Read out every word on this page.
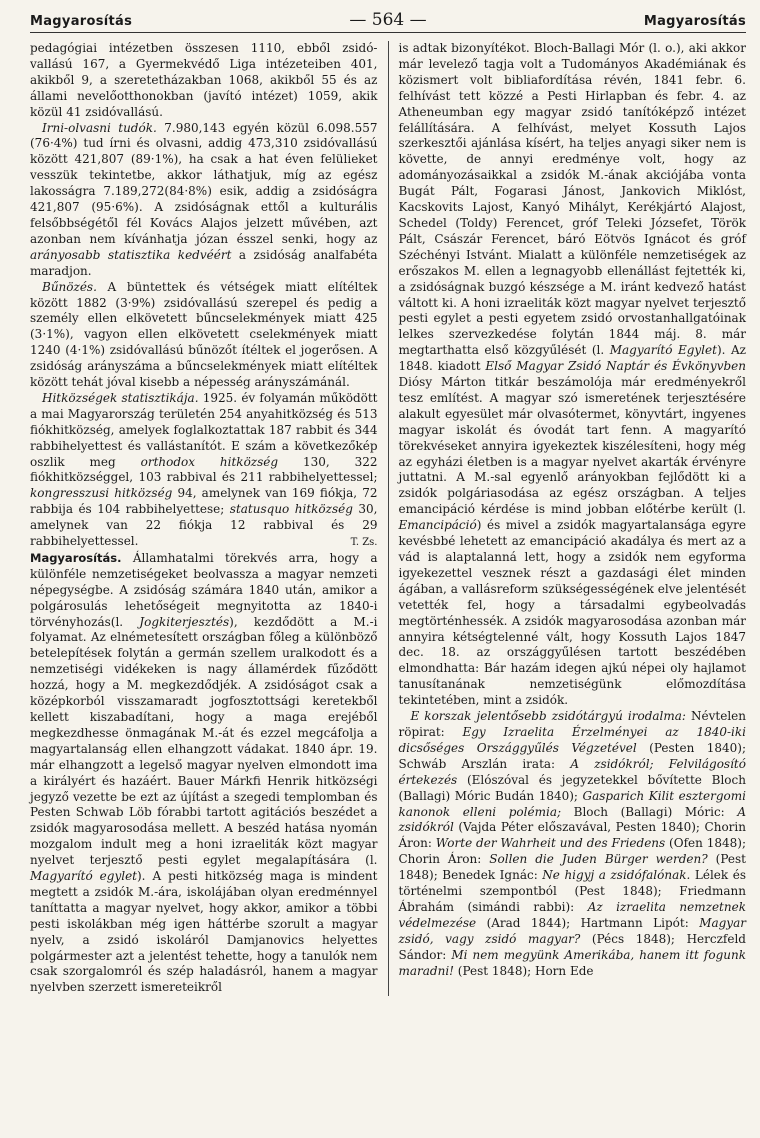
Magyarosítás	— 564 —	Magyarosítás

pedagógiai intézetben összesen 1110, ebből zsidó-vallású 167, a Gyermekvédő Liga intézeteiben 401, akikből 9, a szeretetházakban 1068, akikből 55 és az állami nevelőotthonokban (javító intézet) 1059, akik közül 41 zsidóvallású.

Irni-olvasni tudók. 7.980,143 egyén közül 6.098.557 (76·4%) tud írni és olvasni, addig 473,310 zsidóvallású között 421,807 (89·1%), ha csak a hat éven felülieket vesszük tekintetbe, akkor láthatjuk, míg az egész lakosságra 7.189,272(84·8%) esik, addig a zsidóságra 421,807 (95·6%). A zsidóságnak ettől a kulturális felsőbbségétől fél Kovács Alajos jelzett művében, azt azonban nem kívánhatja józan ésszel senki, hogy az arányosabb statisztika kedvéért a zsidóság analfabéta maradjon.

Bűnözés. A büntettek és vétségek miatt elítéltek között 1882 (3·9%) zsidóvallású szerepel és pedig a személy ellen elkövetett bűncselekmények miatt 425 (3·1%), vagyon ellen elkövetett cselekmények miatt 1240 (4·1%) zsidóvallású bűnözőt ítéltek el jogerősen. A zsidóság arányszáma a bűncselekmények miatt elítéltek között tehát jóval kisebb a népesség arányszámánál.

Hitközségek statisztikája. 1925. év folyamán működött a mai Magyarország területén 254 anyahitközség és 513 fiókhitközség, amelyek foglalkoztattak 187 rabbit és 344 rabbihelyettest és vallástanítót. E szám a következőkép oszlik meg orthodox hitközség 130, 322 fiókhitközséggel, 103 rabbival és 211 rabbihelyettessel; kongresszusi hitközség 94, amelynek van 169 fiókja, 72 rabbija és 104 rabbihelyettese; statusquo hitközség 30, amelynek van 22 fiókja 12 rabbival és 29 rabbihelyettessel.	T. Zs.

Magyarosítás. Államhatalmi törekvés arra, hogy a különféle nemzetiségeket beolvassza a magyar nemzeti népegységbe. A zsidóság számára 1840 után, amikor a polgárosulás lehetőségeit megnyitotta az 1840-i törvényhozás(l. Jogkiterjesztés), kezdődött a M.-i folyamat. Az elnémetesített országban főleg a különböző betelepítések folytán a germán szellem uralkodott és a nemzetiségi vidékeken is nagy államérdek fűződött hozzá, hogy a M. megkezdődjék. A zsidóságot csak a középkorból visszamaradt jogfosztottsági keretekből kellett kiszabadítani, hogy a maga erejéből megkezdhesse önmagának M.-át és ezzel megcáfolja a magyartalanság ellen elhangzott vádakat. 1840 ápr. 19. már elhangzott a legelső magyar nyelven elmondott ima a királyért és hazáért. Bauer Márkfi Henrik hitközségi jegyző vezette be ezt az újítást a szegedi templomban és Pesten Schwab Löb fórabbi tartott agitációs beszédet a zsidók magyarosodása mellett. A beszéd hatása nyomán mozgalom indult meg a honi izraeliták közt magyar nyelvet terjesztő pesti egylet megalapítására (l. Magyarító egylet). A pesti hitközség maga is mindent megtett a zsidók M.-ára, iskolájában olyan eredménnyel taníttatta a magyar nyelvet, hogy akkor, amikor a többi pesti iskolákban még igen háttérbe szorult a magyar nyelv, a zsidó iskoláról Damjanovics helyettes polgármester azt a jelentést tehette, hogy a tanulók nem csak szorgalomról és szép haladásról, hanem a magyar nyelvben szerzett ismereteikről

is adtak bizonyítékot. Bloch-Ballagi Mór (l. o.), aki akkor már levelező tagja volt a Tudományos Akadémiának és közismert volt bibliafordítása révén, 1841 febr. 6. felhívást tett közzé a Pesti Hirlapban és febr. 4. az Atheneumban egy magyar zsidó tanítóképző intézet felállítására. A felhívást, melyet Kossuth Lajos szerkesztői ajánlása kísért, ha teljes anyagi siker nem is követte, de annyi eredménye volt, hogy az adományozásaikkal a zsidók M.-ának akciójába vonta Bugát Pált, Fogarasi Jánost, Jankovich Miklóst, Kacskovits Lajost, Kanyó Mihályt, Kerékjártó Alajost, Schedel (Toldy) Ferencet, gróf Teleki Józsefet, Török Pált, Császár Ferencet, báró Eötvös Ignácot és gróf Széchényi Istvánt. Mialatt a különféle nemzetiségek az erőszakos M. ellen a legnagyobb ellenállást fejtették ki, a zsidóságnak buzgó készsége a M. iránt kedvező hatást váltott ki. A honi izraeliták közt magyar nyelvet terjesztő pesti egylet a pesti egyetem zsidó orvostanhallgatóinak lelkes szervezkedése folytán 1844 máj. 8. már megtarthatta első közgyűlését (l. Magyarító Egylet). Az 1848. kiadott Első Magyar Zsidó Naptár és Évkönyvben Diósy Márton titkár beszámolója már eredményekről tesz említést. A magyar szó ismeretének terjesztésére alakult egyesület már olvasótermet, könyvtárt, ingyenes magyar iskolát és óvodát tart fenn. A magyarító törekvéseket annyira igyekeztek kiszélesíteni, hogy még az egyházi életben is a magyar nyelvet akarták érvényre juttatni. A M.-sal egyenlő arányokban fejlődött ki a zsidók polgáriasodása az egész országban. A teljes emancipáció kérdése is mind jobban előtérbe került (l. Emancipáció) és mivel a zsidók magyartalansága egyre kevésbbé lehetett az emancipáció akadálya és mert az a vád is alaptalanná lett, hogy a zsidók nem egyforma igyekezettel vesznek részt a gazdasági élet minden ágában, a vallásreform szükségességének elve jelentését vetették fel, hogy a társadalmi egybeolvadás megtörténhessék. A zsidók magyarosodása azonban már annyira kétségtelenné vált, hogy Kossuth Lajos 1847 dec. 18. az országgyűlésen tartott beszédében elmondhatta: Bár hazám idegen ajkú népei oly hajlamot tanusítanának nemzetiségünk előmozdítása tekintetében, mint a zsidók.

E korszak jelentősebb zsidótárgyú irodalma: Névtelen röpirat: Egy Izraelita Érzelményei az 1840-iki dicsőséges Országgyűlés Végzetével (Pesten 1840); Schwáb Arszlán irata: A zsidókról; Felvilágosító értekezés (Elószóval és jegyzetekkel bővítette Bloch (Ballagi) Móric Budán 1840); Gasparich Kilit esztergomi kanonok elleni polémia; Bloch (Ballagi) Móric: A zsidókról (Vajda Péter előszavával, Pesten 1840); Chorin Áron: Worte der Wahrheit und des Friedens (Ofen 1848); Chorin Áron: Sollen die Juden Bürger werden? (Pest 1848); Benedek Ignác: Ne higyj a zsidófalónak. Lélek és történelmi szempontból (Pest 1848); Friedmann Ábrahám (simándi rabbi): Az izraelita nemzetnek védelmezése (Arad 1844); Hartmann Lipót: Magyar zsidó, vagy zsidó magyar? (Pécs 1848); Herczfeld Sándor: Mi nem megyünk Amerikába, hanem itt fogunk maradni! (Pest 1848); Horn Ede
